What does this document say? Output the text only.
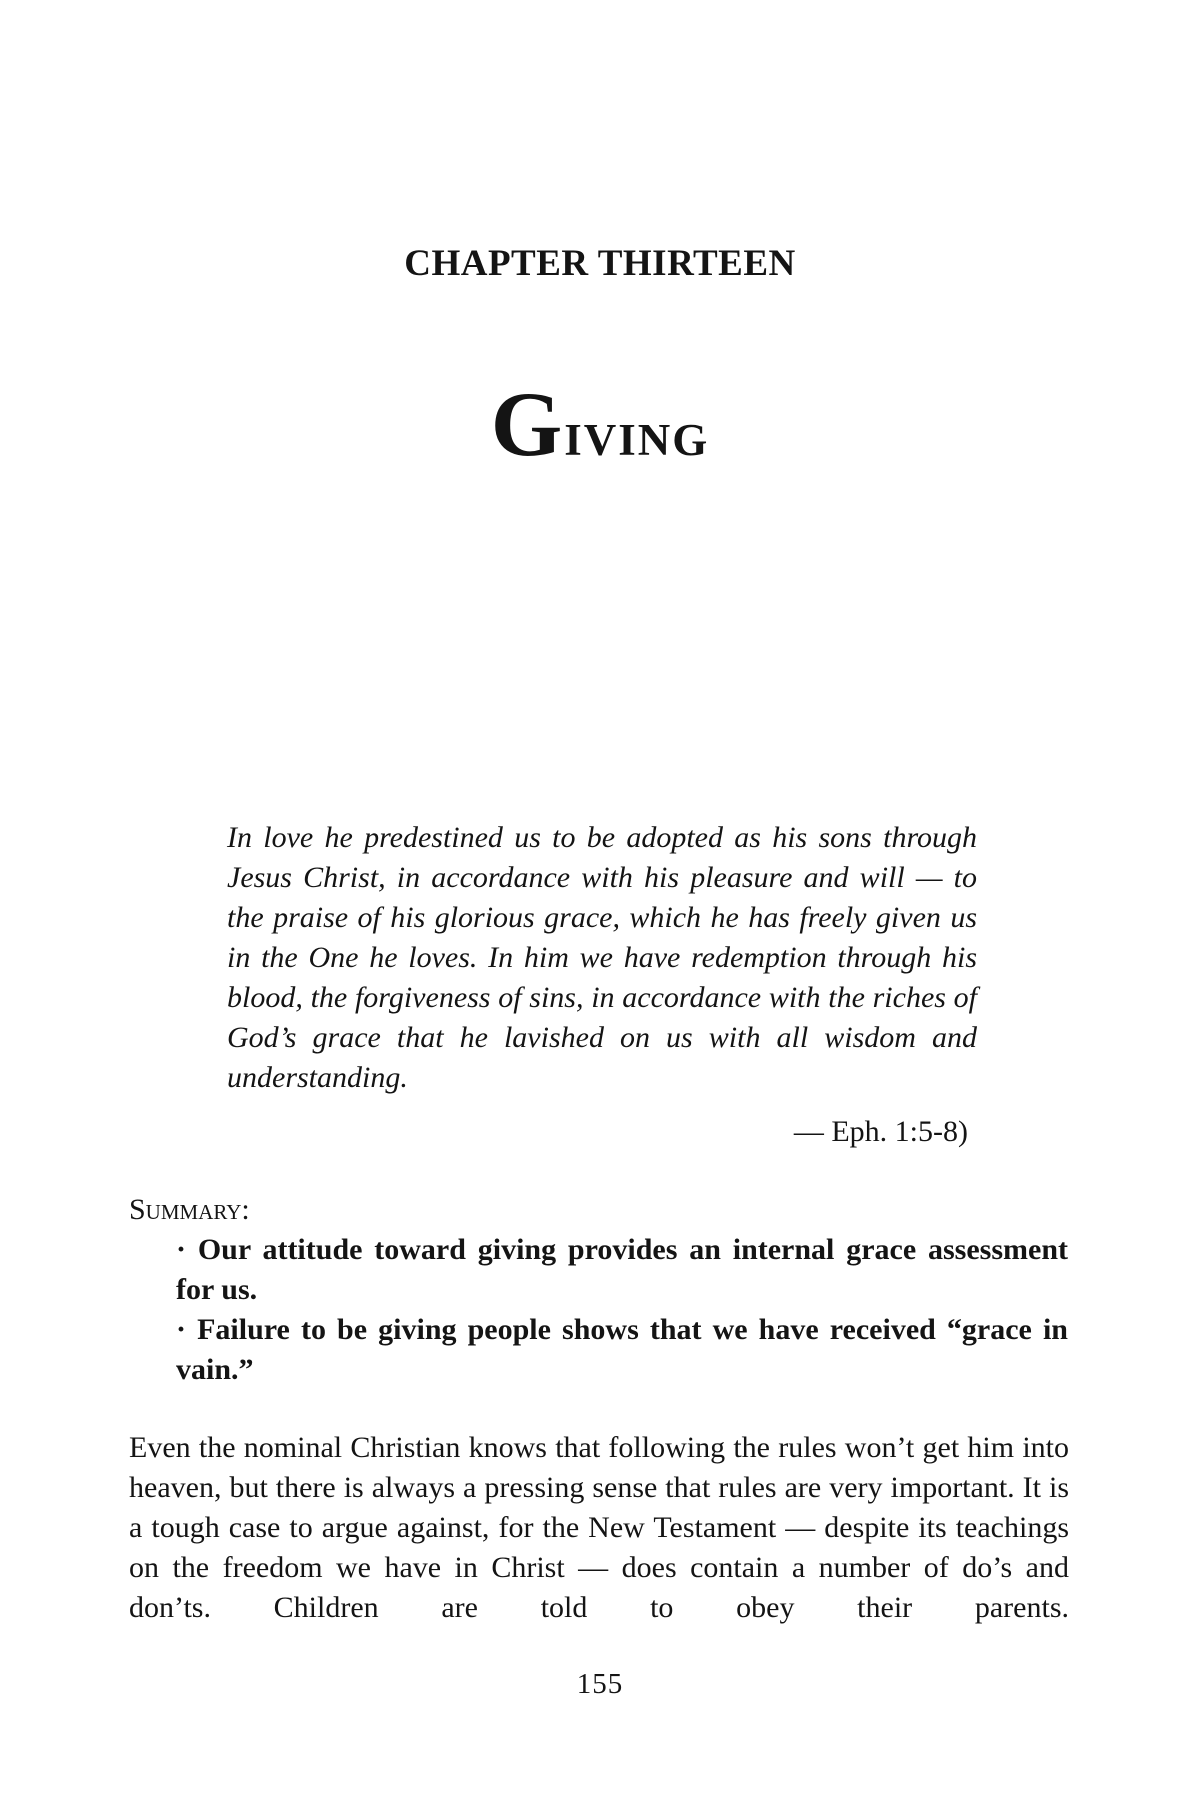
CHAPTER THIRTEEN
Giving
In love he predestined us to be adopted as his sons through Jesus Christ, in accordance with his pleasure and will — to the praise of his glorious grace, which he has freely given us in the One he loves. In him we have redemption through his blood, the forgiveness of sins, in accordance with the riches of God’s grace that he lavished on us with all wisdom and understanding.
— Eph. 1:5-8)
Summary:
· Our attitude toward giving provides an internal grace assessment for us.
· Failure to be giving people shows that we have received “grace in vain.”

Even the nominal Christian knows that following the rules won’t get him into heaven, but there is always a pressing sense that rules are very important. It is a tough case to argue against, for the New Testament — despite its teachings on the freedom we have in Christ — does contain a number of do’s and don’ts. Children are told to obey their parents.

155
